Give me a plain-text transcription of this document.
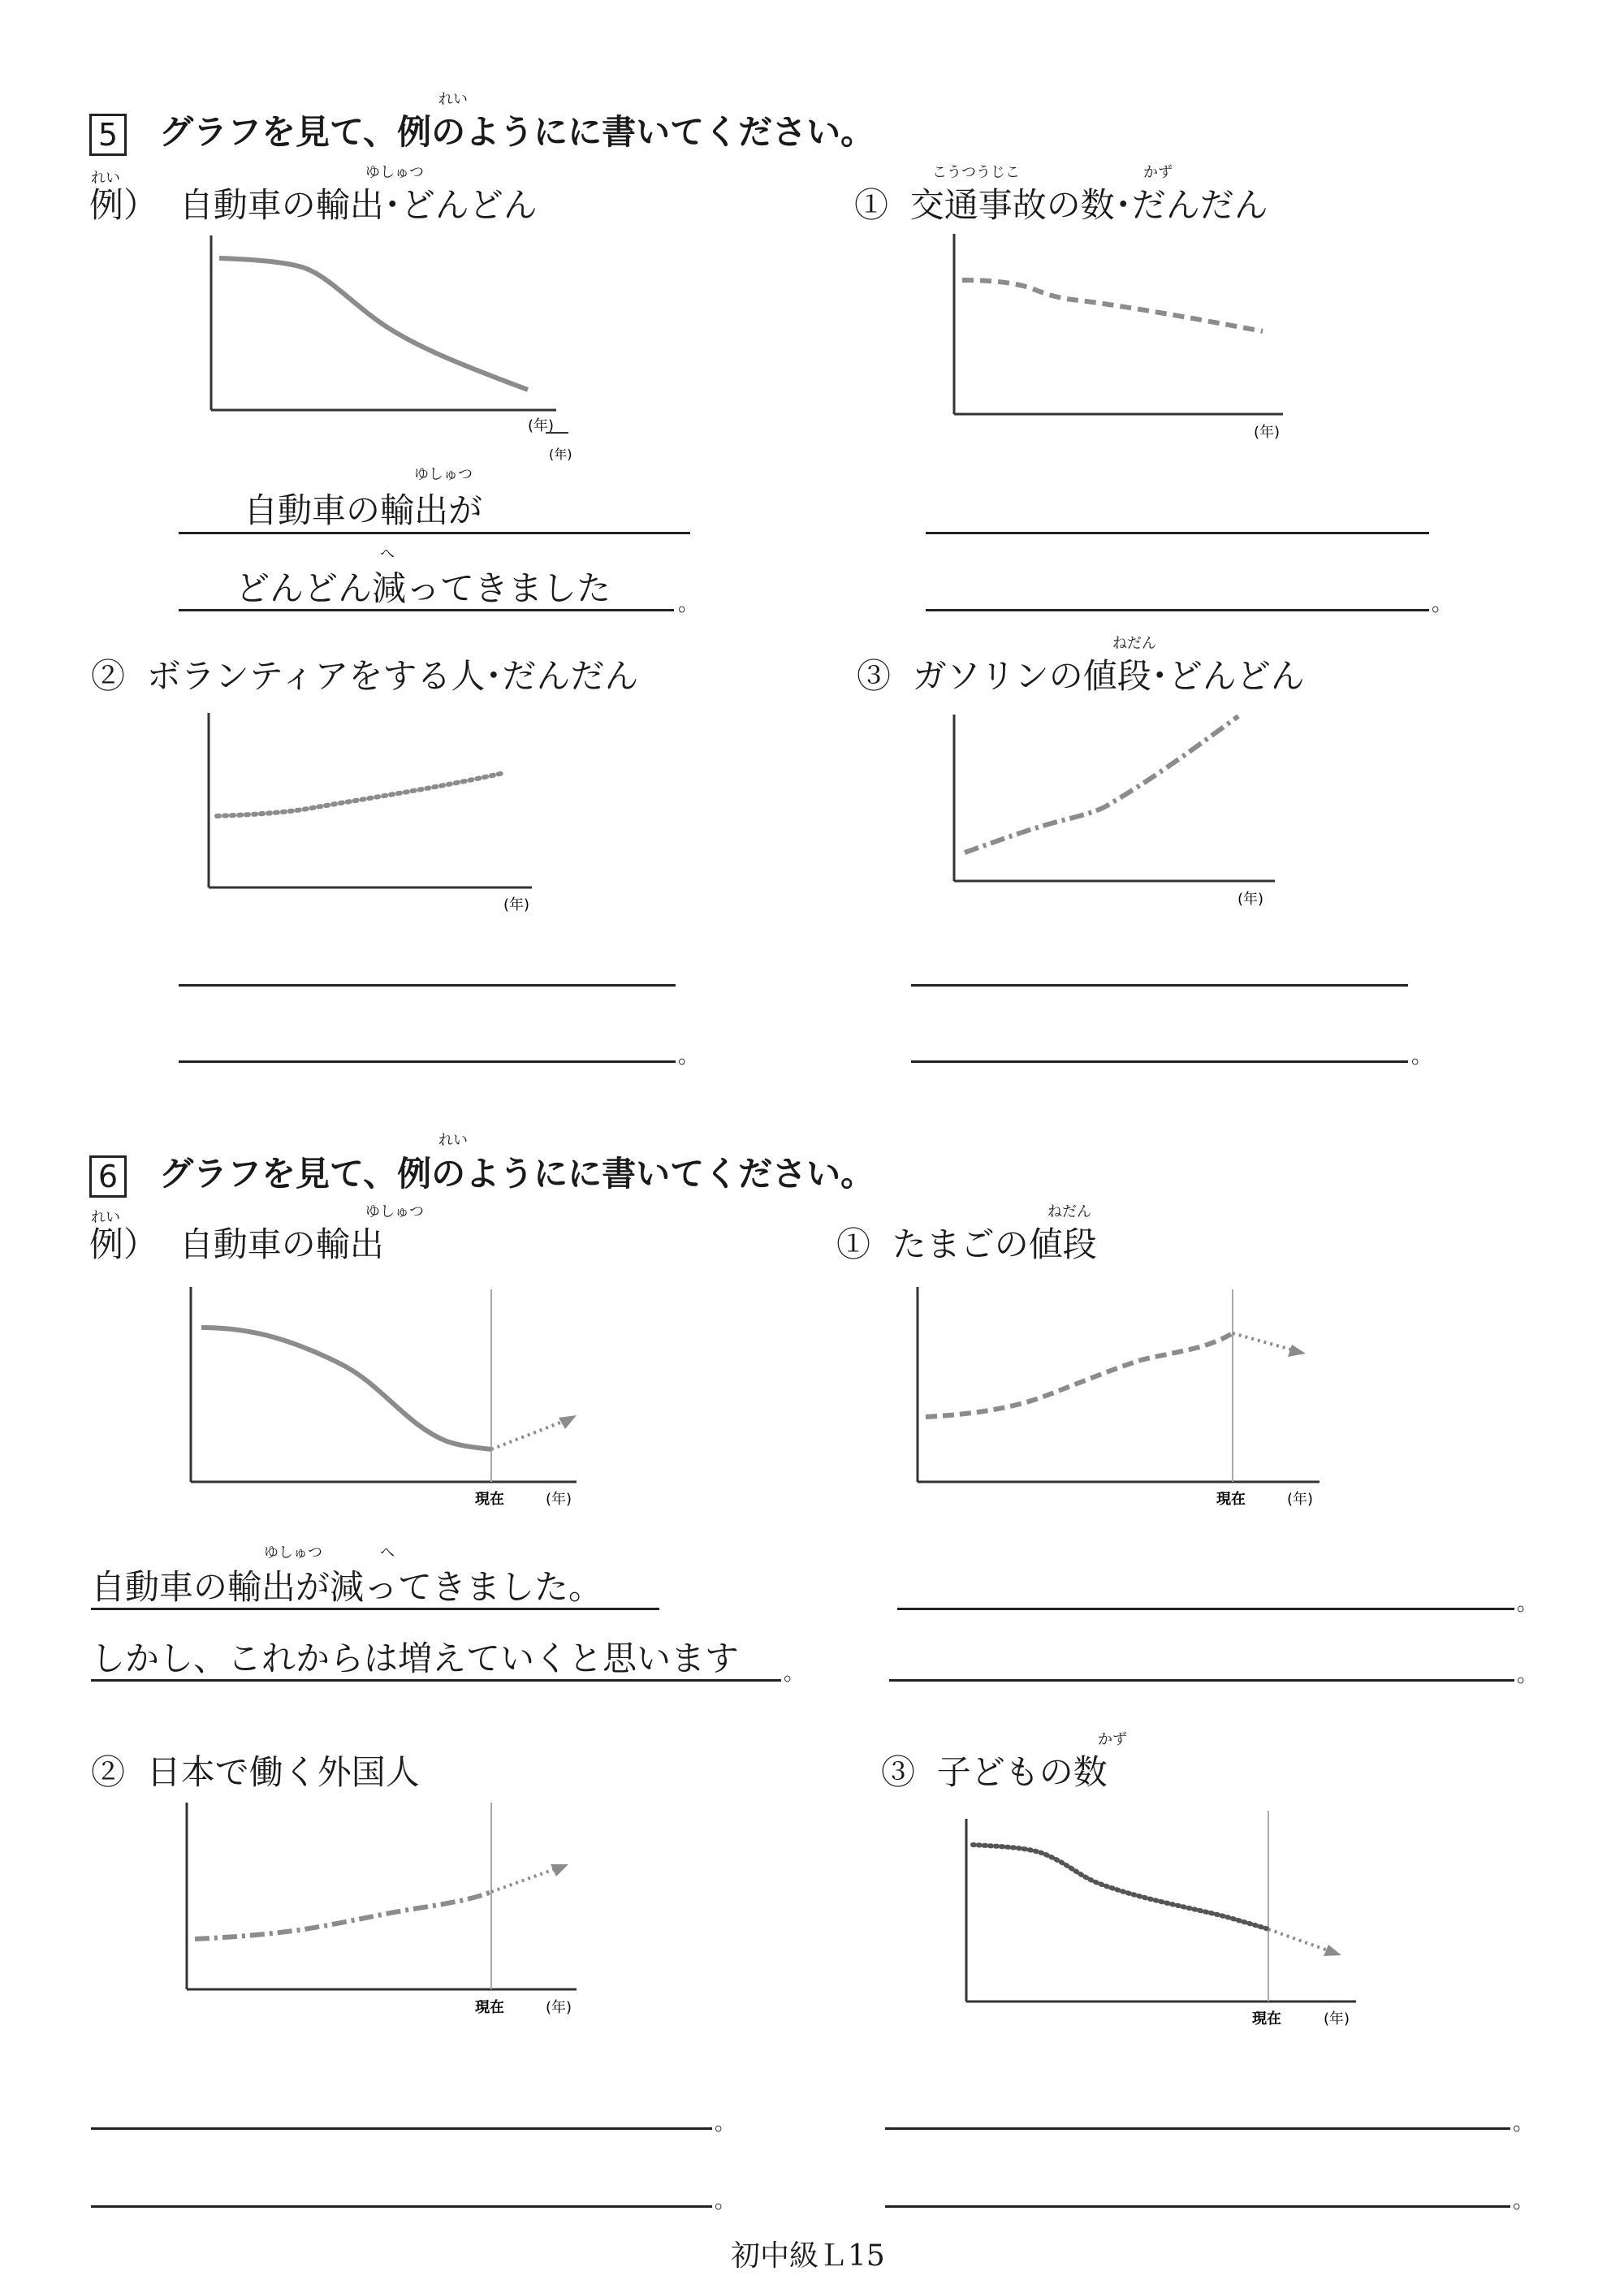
れい
5 グラフを見て、例のようにに書いてください。
れい	ゆしゅつ
例） 自動車の輸出･どんどん
(年)
(年)
ゆしゅつ
自動車の輸出が
へ
どんどん減ってきました	。
こうつうじこ	かず
① 交通事故の数･だんだん
(年)
。
② ボランティアをする人･だんだん
(年)
。
ねだん
③ ガソリンの値段･どんどん
(年)
。
れい
6 グラフを見て、例のようにに書いてください。
れい	ゆしゅつ
例） 自動車の輸出
現在	(年)
ゆしゅつ	へ
自動車の輸出が減ってきました。
しかし、これからは増えていくと思います 。
ねだん
① たまごの値段
現在	(年)
。
。
② 日本で働く外国人
現在	(年)
。
。
かず
③ 子どもの数
現在	(年)
。
。
初中級Ｌ15
